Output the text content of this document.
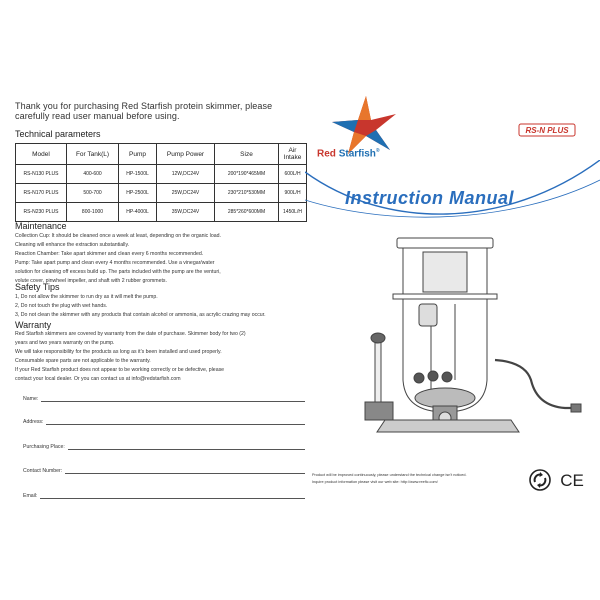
Thank you for purchasing Red Starfish protein skimmer, please
carefully read user manual before using.
Technical parameters
Model	For Tank(L)	Pump	Pump Power	Size	Air Intake
RS-N130 PLUS	400-600	HP-1500L	12W,DC24V	200*190*465MM	600L/H
RS-N170 PLUS	500-700	HP-2500L	25W,DC24V	230*210*530MM	900L/H
RS-N230 PLUS	800-1000	HP-4000L	35W,DC24V	285*260*600MM	1450L/H
Maintenance
Collection Cup: It should be cleaned once a week at least, depending on the organic load.
Cleaning will enhance the extraction substantially.
Reaction Chamber: Take apart skimmer and clean every 6 months recommended.
Pump: Take apart pump and clean every 4 months recommended. Use a vinegar/water
solution for cleaning off excess build up. The parts included with the pump are the venturi,
volute cover, pinwheel impeller, and shaft with 2 rubber grommets.
Safety Tips
1, Do not allow the skimmer to run dry as it will melt the pump.
2, Do not touch the plug with wet hands.
3, Do not clean the skimmer with any products that contain alcohol or ammonia, as acrylic crazing may occur.
Warranty
Red Starfish skimmers are covered by warranty from the date of purchase. Skimmer body for two (2)
years and two years warranty on the pump.
We will take responsibility for the products as long as it's been installed and used properly.
Consumable spare parts are not applicable to the warranty.
If your Red Starfish product does not appear to be working correctly or be defective, please
contact your local dealer. Or you can contact us at info@redstarfish.com
Name:
Address:
Purchasing Place:
Contact Number:
Email:
Red Starfish®
RS-N PLUS
Instruction Manual
Product will be improved continuously, please understand the technical change isn't noticed.
Inquire product information please visit our web site: http://www.reefic.com/	CE
